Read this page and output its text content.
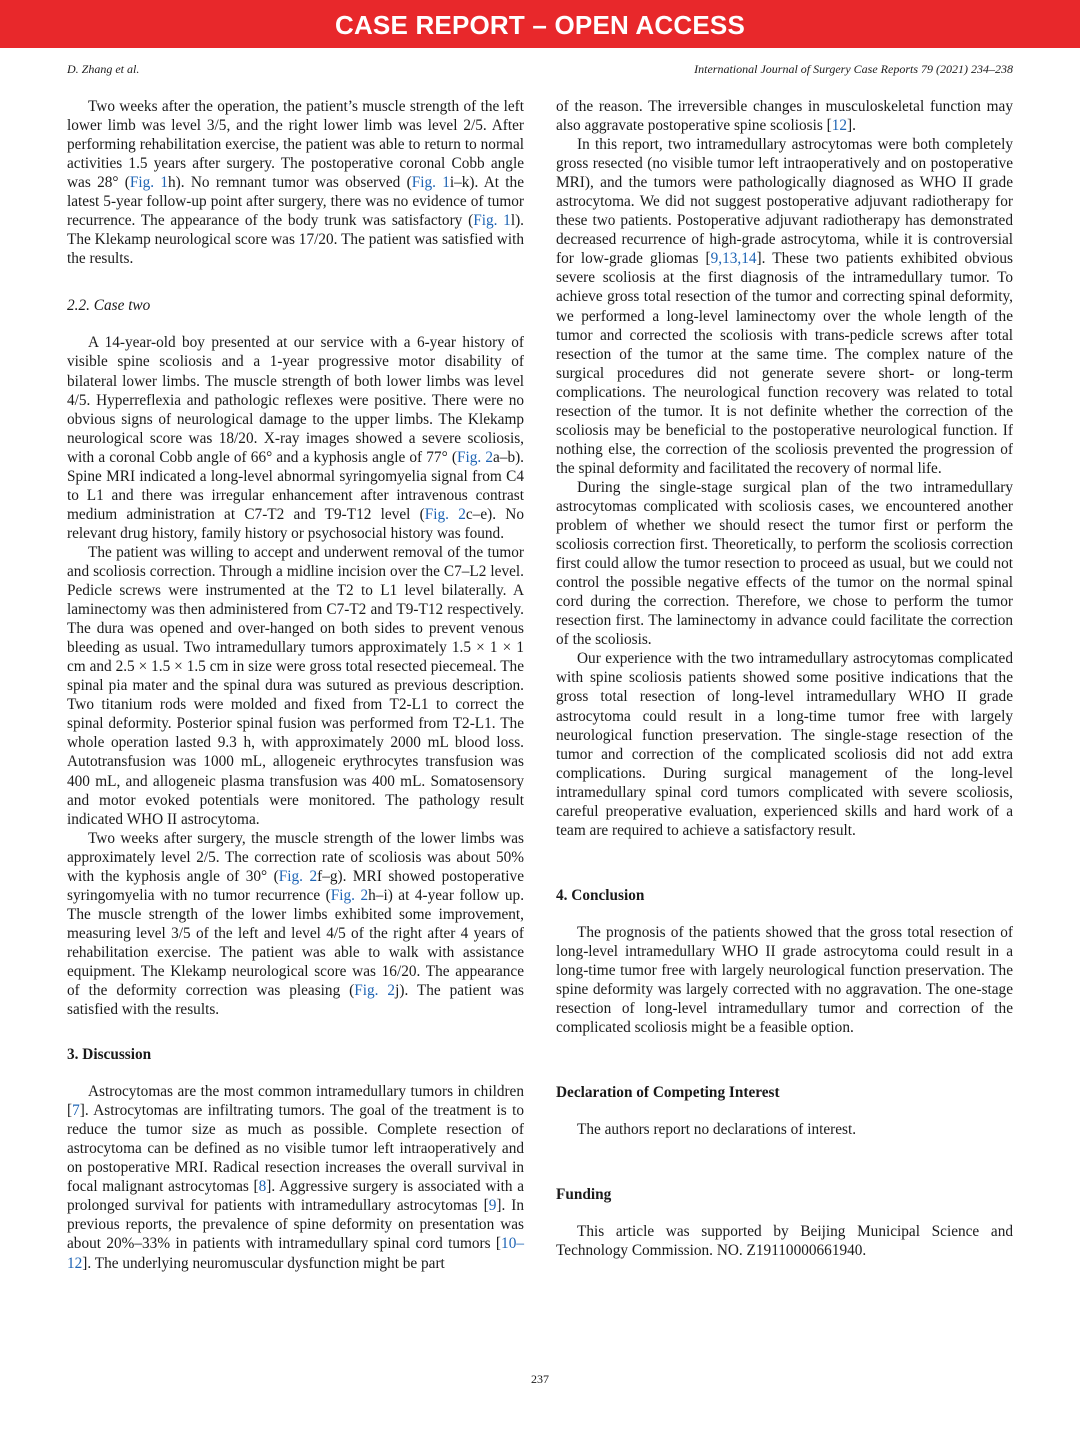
CASE REPORT – OPEN ACCESS
D. Zhang et al.	International Journal of Surgery Case Reports 79 (2021) 234–238

Two weeks after the operation, the patient’s muscle strength of the left lower limb was level 3/5, and the right lower limb was level 2/5. After performing rehabilitation exercise, the patient was able to return to normal activities 1.5 years after surgery. The postoperative coronal Cobb angle was 28° (Fig. 1h). No remnant tumor was observed (Fig. 1i–k). At the latest 5-year follow-up point after surgery, there was no evidence of tumor recurrence. The appearance of the body trunk was satisfactory (Fig. 1l). The Klekamp neurological score was 17/20. The patient was satisfied with the results.

2.2. Case two

A 14-year-old boy presented at our service with a 6-year history of visible spine scoliosis and a 1-year progressive motor disability of bilateral lower limbs. The muscle strength of both lower limbs was level 4/5. Hyperreflexia and pathologic reflexes were positive. There were no obvious signs of neurological damage to the upper limbs. The Klekamp neurological score was 18/20. X-ray images showed a severe scoliosis, with a coronal Cobb angle of 66° and a kyphosis angle of 77° (Fig. 2a–b). Spine MRI indicated a long-level abnormal syringomyelia signal from C4 to L1 and there was irregular enhancement after intravenous contrast medium administration at C7-T2 and T9-T12 level (Fig. 2c–e). No relevant drug history, family history or psychosocial history was found.

The patient was willing to accept and underwent removal of the tumor and scoliosis correction. Through a midline incision over the C7–L2 level. Pedicle screws were instrumented at the T2 to L1 level bilaterally. A laminectomy was then administered from C7-T2 and T9-T12 respectively. The dura was opened and over-hanged on both sides to prevent venous bleeding as usual. Two intramedullary tumors approximately 1.5 × 1 × 1 cm and 2.5 × 1.5 × 1.5 cm in size were gross total resected piecemeal. The spinal pia mater and the spinal dura was sutured as previous description. Two titanium rods were molded and fixed from T2-L1 to correct the spinal deformity. Posterior spinal fusion was performed from T2-L1. The whole operation lasted 9.3 h, with approximately 2000 mL blood loss. Autotransfusion was 1000 mL, allogeneic erythrocytes transfusion was 400 mL, and allogeneic plasma transfusion was 400 mL. Somatosensory and motor evoked potentials were monitored. The pathology result indicated WHO II astrocytoma.

Two weeks after surgery, the muscle strength of the lower limbs was approximately level 2/5. The correction rate of scoliosis was about 50% with the kyphosis angle of 30° (Fig. 2f–g). MRI showed postoperative syringomyelia with no tumor recurrence (Fig. 2h–i) at 4-year follow up. The muscle strength of the lower limbs exhibited some improvement, measuring level 3/5 of the left and level 4/5 of the right after 4 years of rehabilitation exercise. The patient was able to walk with assistance equipment. The Klekamp neurological score was 16/20. The appearance of the deformity correction was pleasing (Fig. 2j). The patient was satisfied with the results.

3. Discussion

Astrocytomas are the most common intramedullary tumors in children [7]. Astrocytomas are infiltrating tumors. The goal of the treatment is to reduce the tumor size as much as possible. Complete resection of astrocytoma can be defined as no visible tumor left intraoperatively and on postoperative MRI. Radical resection increases the overall survival in focal malignant astrocytomas [8]. Aggressive surgery is associated with a prolonged survival for patients with intramedullary astrocytomas [9]. In previous reports, the prevalence of spine deformity on presentation was about 20%–33% in patients with intramedullary spinal cord tumors [10–12]. The underlying neuromuscular dysfunction might be part

of the reason. The irreversible changes in musculoskeletal function may also aggravate postoperative spine scoliosis [12].

In this report, two intramedullary astrocytomas were both completely gross resected (no visible tumor left intraoperatively and on postoperative MRI), and the tumors were pathologically diagnosed as WHO II grade astrocytoma. We did not suggest postoperative adjuvant radiotherapy for these two patients. Postoperative adjuvant radiotherapy has demonstrated decreased recurrence of high-grade astrocytoma, while it is controversial for low-grade gliomas [9,13,14]. These two patients exhibited obvious severe scoliosis at the first diagnosis of the intramedullary tumor. To achieve gross total resection of the tumor and correcting spinal deformity, we performed a long-level laminectomy over the whole length of the tumor and corrected the scoliosis with trans-pedicle screws after total resection of the tumor at the same time. The complex nature of the surgical procedures did not generate severe short- or long-term complications. The neurological function recovery was related to total resection of the tumor. It is not definite whether the correction of the scoliosis may be beneficial to the postoperative neurological function. If nothing else, the correction of the scoliosis prevented the progression of the spinal deformity and facilitated the recovery of normal life.

During the single-stage surgical plan of the two intramedullary astrocytomas complicated with scoliosis cases, we encountered another problem of whether we should resect the tumor first or perform the scoliosis correction first. Theoretically, to perform the scoliosis correction first could allow the tumor resection to proceed as usual, but we could not control the possible negative effects of the tumor on the normal spinal cord during the correction. Therefore, we chose to perform the tumor resection first. The laminectomy in advance could facilitate the correction of the scoliosis.

Our experience with the two intramedullary astrocytomas complicated with spine scoliosis patients showed some positive indications that the gross total resection of long-level intramedullary WHO II grade astrocytoma could result in a long-time tumor free with largely neurological function preservation. The single-stage resection of the tumor and correction of the complicated scoliosis did not add extra complications. During surgical management of the long-level intramedullary spinal cord tumors complicated with severe scoliosis, careful preoperative evaluation, experienced skills and hard work of a team are required to achieve a satisfactory result.

4. Conclusion

The prognosis of the patients showed that the gross total resection of long-level intramedullary WHO II grade astrocytoma could result in a long-time tumor free with largely neurological function preservation. The spine deformity was largely corrected with no aggravation. The one-stage resection of long-level intramedullary tumor and correction of the complicated scoliosis might be a feasible option.

Declaration of Competing Interest

The authors report no declarations of interest.

Funding

This article was supported by Beijing Municipal Science and Technology Commission. NO. Z191100006619​40.

237
